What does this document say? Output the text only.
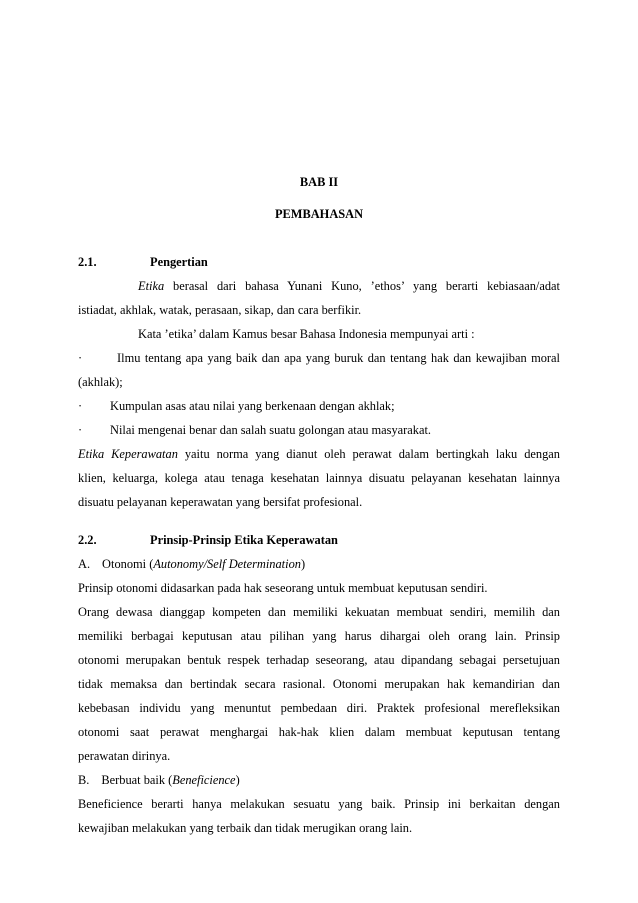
BAB II
PEMBAHASAN
2.1.	Pengertian
Etika berasal dari bahasa Yunani Kuno, ’ethos’ yang berarti kebiasaan/adat
istiadat, akhlak, watak, perasaan, sikap, dan cara berfikir.
Kata ’etika’ dalam Kamus besar Bahasa Indonesia mempunyai arti :
·	Ilmu tentang apa yang baik dan apa yang buruk dan tentang hak dan kewajiban moral
(akhlak);
· Kumpulan asas atau nilai yang berkenaan dengan akhlak;
· Nilai mengenai benar dan salah suatu golongan atau masyarakat.
Etika Keperawatan yaitu norma yang dianut oleh perawat dalam bertingkah laku dengan
klien, keluarga, kolega atau tenaga kesehatan lainnya disuatu pelayanan kesehatan lainnya
disuatu pelayanan keperawatan yang bersifat profesional.
2.2.	Prinsip-Prinsip Etika Keperawatan
A. Otonomi (Autonomy/Self Determination)
Prinsip otonomi didasarkan pada hak seseorang untuk membuat keputusan sendiri.
Orang dewasa dianggap kompeten dan memiliki kekuatan membuat sendiri, memilih dan
memiliki berbagai keputusan atau pilihan yang harus dihargai oleh orang lain. Prinsip
otonomi merupakan bentuk respek terhadap seseorang, atau dipandang sebagai persetujuan
tidak memaksa dan bertindak secara rasional. Otonomi merupakan hak kemandirian dan
kebebasan individu yang menuntut pembedaan diri. Praktek profesional merefleksikan
otonomi saat perawat menghargai hak-hak klien dalam membuat keputusan tentang
perawatan dirinya.
B. Berbuat baik (Beneficience)
Beneficience berarti hanya melakukan sesuatu yang baik. Prinsip ini berkaitan dengan
kewajiban melakukan yang terbaik dan tidak merugikan orang lain.
